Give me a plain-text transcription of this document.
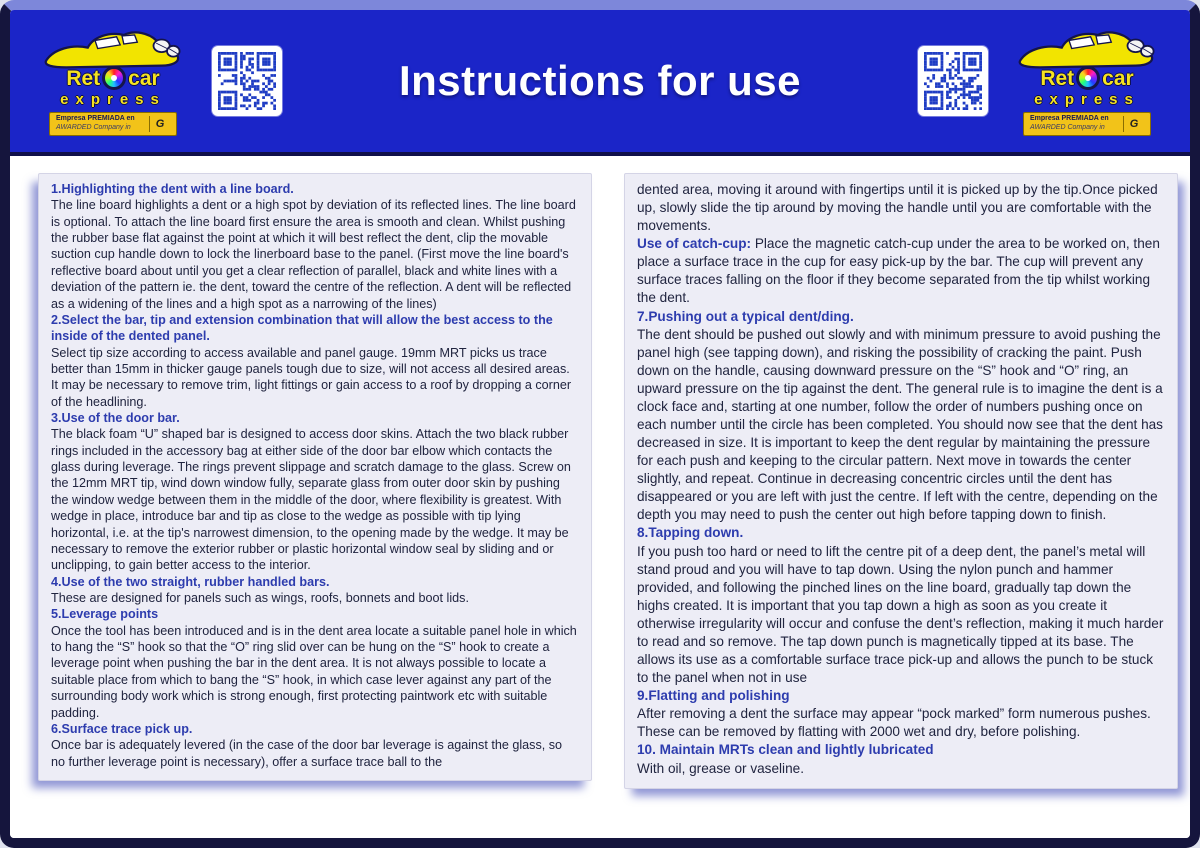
Ret car
express
Empresa PREMIADA en
AWARDED Company in	G
Instructions for use	Ret car
express
Empresa PREMIADA en
AWARDED Company in	G

1.Highlighting the dent with a line board.

The line board highlights a dent or a high spot by deviation of its reflected lines. The line board is optional. To attach the line board first ensure the area is smooth and clean. Whilst pushing the rubber base flat against the point at which it will best reflect the dent, clip the movable suction cup handle down to lock the linerboard base to the panel. (First move the line board's reflective board about until you get a clear reflection of parallel, black and white lines with a deviation of the pattern ie. the dent, toward the centre of the reflection. A dent will be reflected as a widening of the lines and a high spot as a narrowing of the lines)

2.Select the bar, tip and extension combination that will allow the best access to the inside of the dented panel.

Select tip size according to access available and panel gauge. 19mm MRT picks us trace better than 15mm in thicker gauge panels tough due to size, will not access all desired areas. It may be necessary to remove trim, light fittings or gain access to a roof by dropping a corner of the headlining.

3.Use of the door bar.

The black foam “U” shaped bar is designed to access door skins. Attach the two black rubber rings included in the accessory bag at either side of the door bar elbow which contacts the glass during leverage. The rings prevent slippage and scratch damage to the glass. Screw on the 12mm MRT tip, wind down window fully, separate glass from outer door skin by pushing the window wedge between them in the middle of the door, where flexibility is greatest. With wedge in place, introduce bar and tip as close to the wedge as possible with tip lying horizontal, i.e. at the tip's narrowest dimension, to the opening made by the wedge. It may be necessary to remove the exterior rubber or plastic horizontal window seal by sliding and or unclipping, to gain better access to the interior.

4.Use of the two straight, rubber handled bars.

These are designed for panels such as wings, roofs, bonnets and boot lids.

5.Leverage points

Once the tool has been introduced and is in the dent area locate a suitable panel hole in which to hang the “S” hook so that the “O” ring slid over can be hung on the “S” hook to create a leverage point when pushing the bar in the dent area. It is not always possible to locate a suitable place from which to bang the “S” hook, in which case lever against any part of the surrounding body work which is strong enough, first protecting paintwork etc with suitable padding.

6.Surface trace pick up.

Once bar is adequately levered (in the case of the door bar leverage is against the glass, so no further leverage point is necessary), offer a surface trace ball to the

dented area, moving it around with fingertips until it is picked up by the tip.Once picked up, slowly slide the tip around by moving the handle until you are comfortable with the movements.

Use of catch-cup: Place the magnetic catch-cup under the area to be worked on, then place a surface trace in the cup for easy pick-up by the bar. The cup will prevent any surface traces falling on the floor if they become separated from the tip whilst working the dent.

7.Pushing out a typical dent/ding.

The dent should be pushed out slowly and with minimum pressure to avoid pushing the panel high (see tapping down), and risking the possibility of cracking the paint. Push down on the handle, causing downward pressure on the “S” hook and “O” ring, an upward pressure on the tip against the dent. The general rule is to imagine the dent is a clock face and, starting at one number, follow the order of numbers pushing once on each number until the circle has been completed. You should now see that the dent has decreased in size. It is important to keep the dent regular by maintaining the pressure for each push and keeping to the circular pattern. Next move in towards the center slightly, and repeat. Continue in decreasing concentric circles until the dent has disappeared or you are left with just the centre. If left with the centre, depending on the depth you may need to push the center out high before tapping down to finish.

8.Tapping down.

If you push too hard or need to lift the centre pit of a deep dent, the panel’s metal will stand proud and you will have to tap down. Using the nylon punch and hammer provided, and following the pinched lines on the line board, gradually tap down the highs created. It is important that you tap down a high as soon as you create it otherwise irregularity will occur and confuse the dent’s reflection, making it much harder to read and so remove. The tap down punch is magnetically tipped at its base. The allows its use as a comfortable surface trace pick-up and allows the punch to be stuck to the panel when not in use

9.Flatting and polishing

After removing a dent the surface may appear “pock marked” form numerous pushes. These can be removed by flatting with 2000 wet and dry, before polishing.

10. Maintain MRTs clean and lightly lubricated

With oil, grease or vaseline.
